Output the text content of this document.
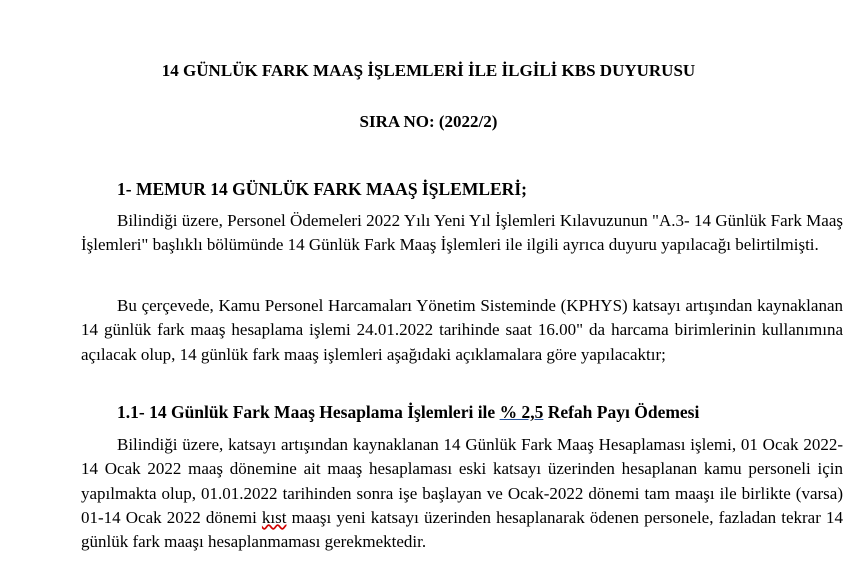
14 GÜNLÜK FARK MAAŞ İŞLEMLERİ İLE İLGİLİ KBS DUYURUSU
SIRA NO: (2022/2)
1- MEMUR 14 GÜNLÜK FARK MAAŞ İŞLEMLERİ;

Bilindiği üzere, Personel Ödemeleri 2022 Yılı Yeni Yıl İşlemleri Kılavuzunun "A.3- 14 Günlük Fark Maaş İşlemleri" başlıklı bölümünde 14 Günlük Fark Maaş İşlemleri ile ilgili ayrıca duyuru yapılacağı belirtilmişti.

Bu çerçevede, Kamu Personel Harcamaları Yönetim Sisteminde (KPHYS) katsayı artışından kaynaklanan 14 günlük fark maaş hesaplama işlemi 24.01.2022 tarihinde saat 16.00" da harcama birimlerinin kullanımına açılacak olup, 14 günlük fark maaş işlemleri aşağıdaki açıklamalara göre yapılacaktır;

1.1- 14 Günlük Fark Maaş Hesaplama İşlemleri ile % 2,5 Refah Payı Ödemesi

Bilindiği üzere, katsayı artışından kaynaklanan 14 Günlük Fark Maaş Hesaplaması işlemi, 01 Ocak 2022-14 Ocak 2022 maaş dönemine ait maaş hesaplaması eski katsayı üzerinden hesaplanan kamu personeli için yapılmakta olup, 01.01.2022 tarihinden sonra işe başlayan ve Ocak-2022 dönemi tam maaşı ile birlikte (varsa) 01-14 Ocak 2022 dönemi kıst maaşı yeni katsayı üzerinden hesaplanarak ödenen personele, fazladan tekrar 14 günlük fark maaşı hesaplanmaması gerekmektedir.
